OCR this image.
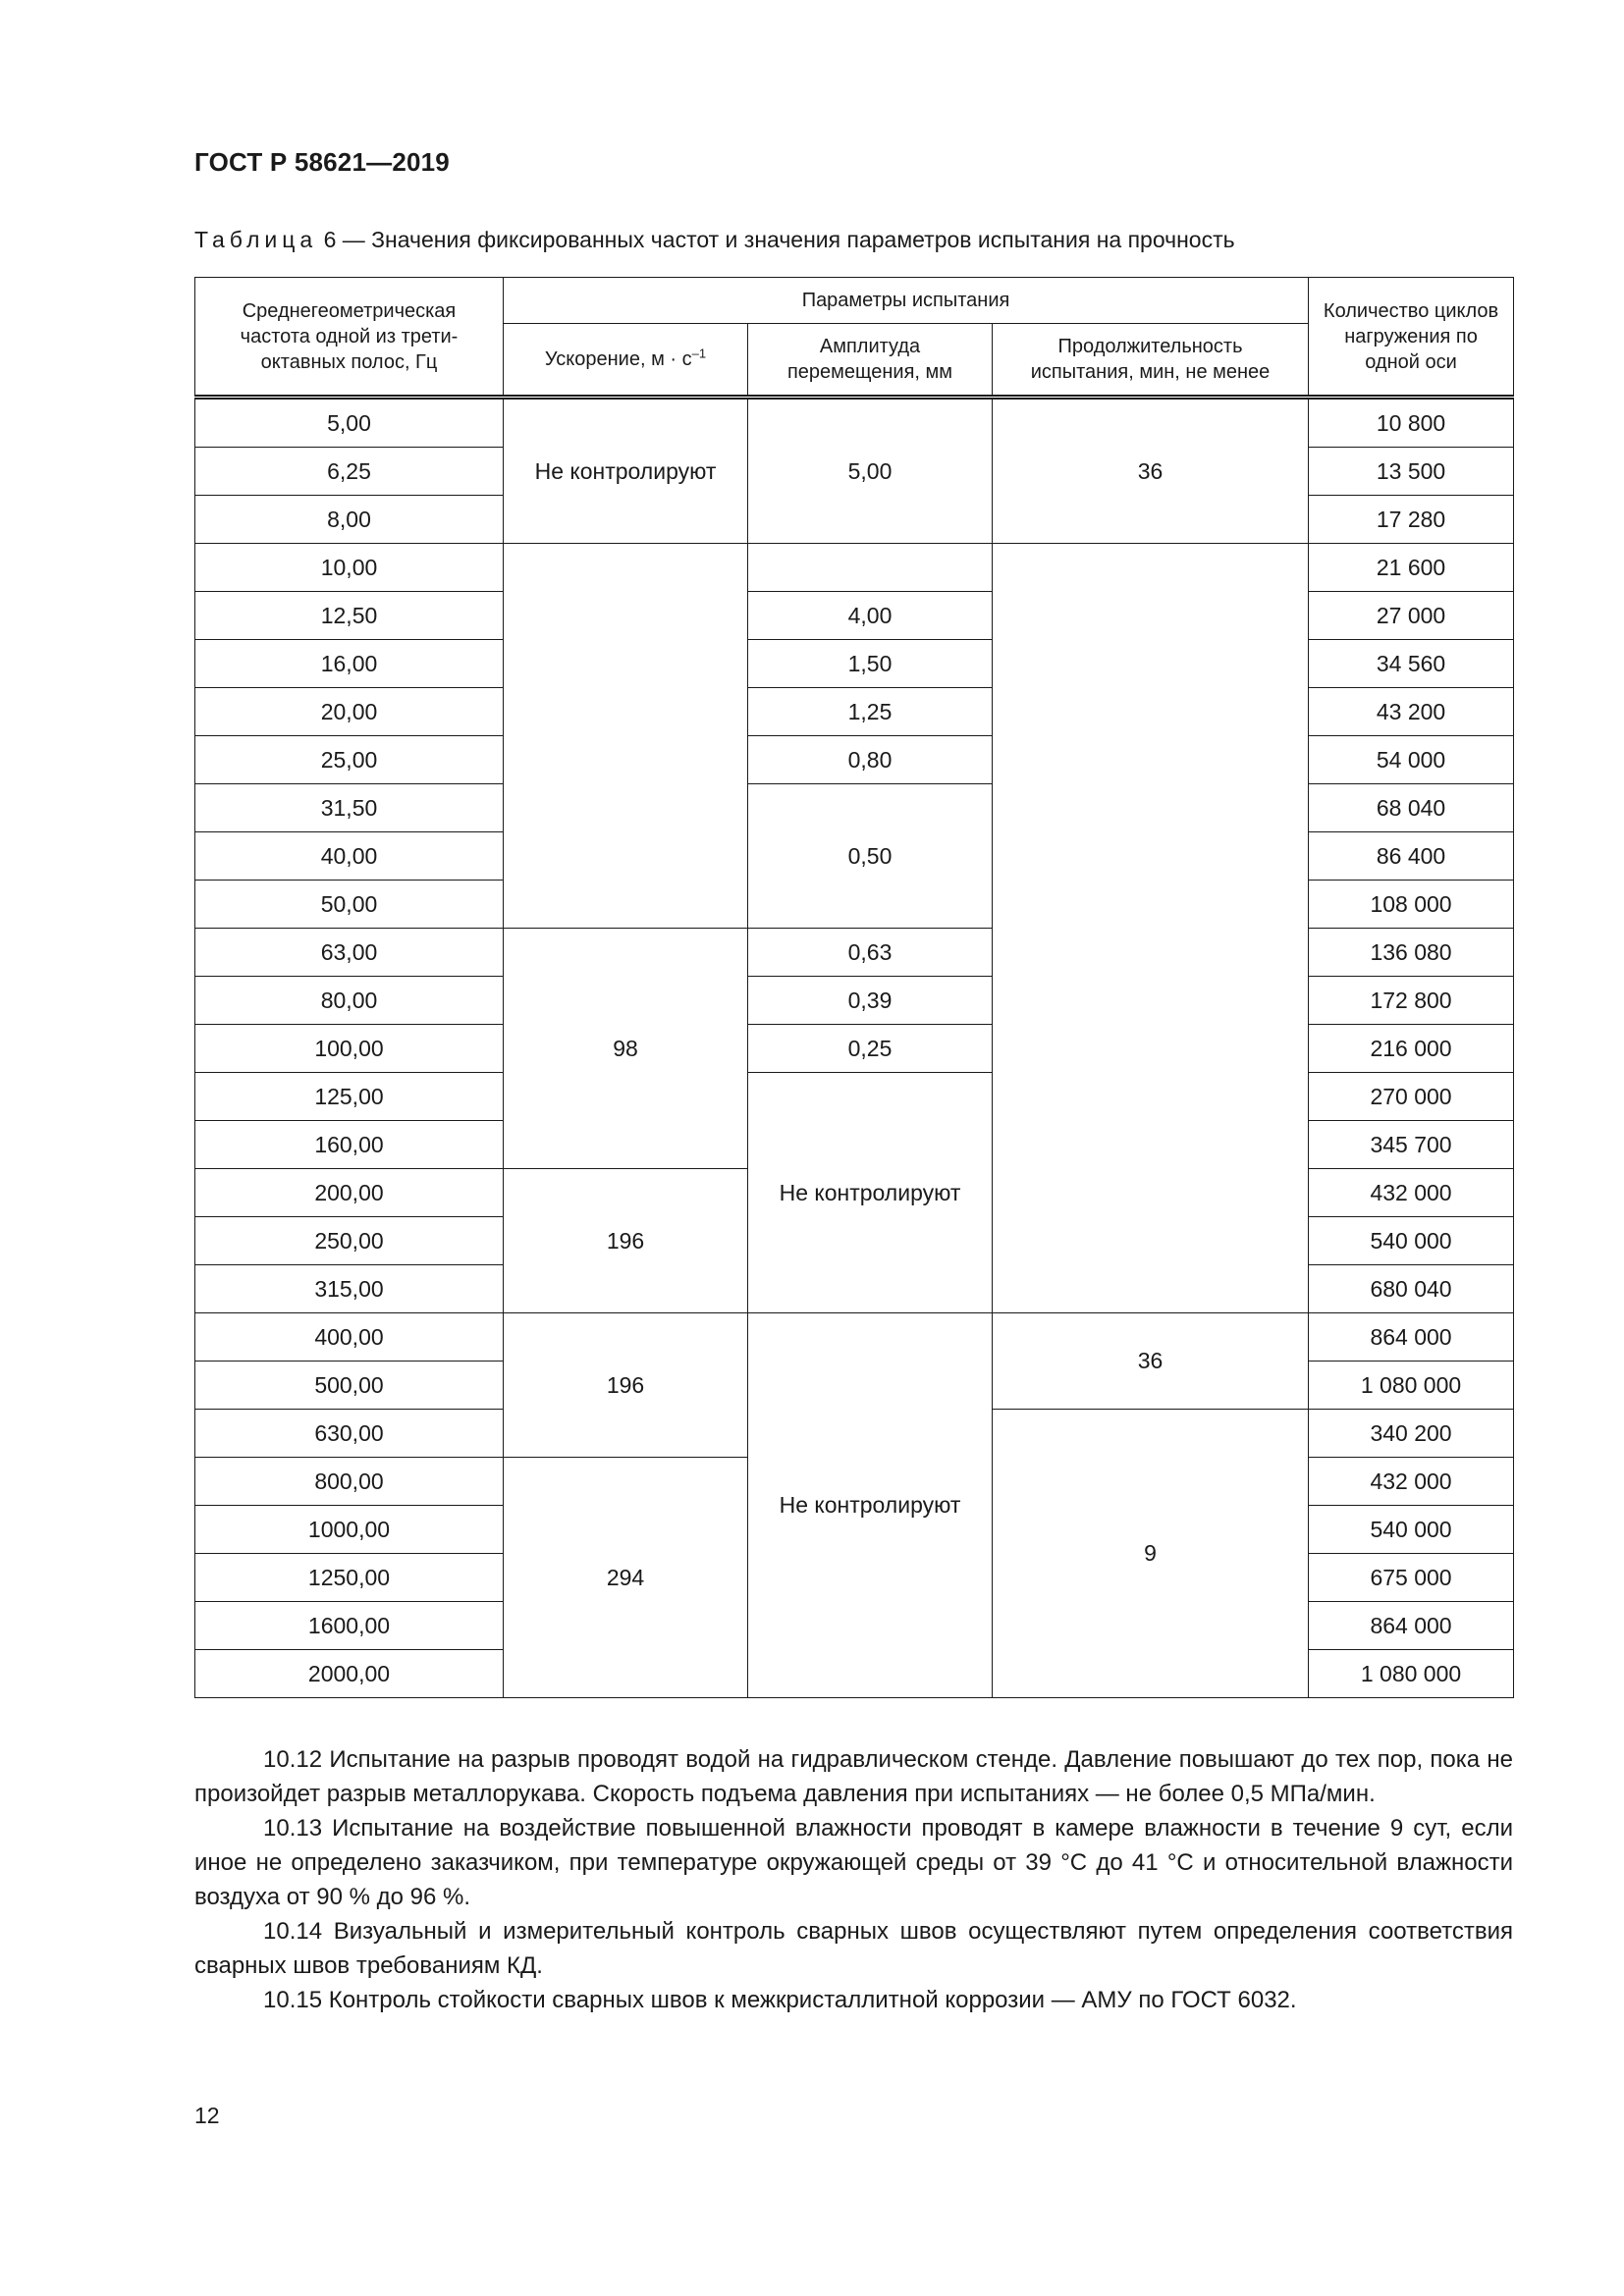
ГОСТ Р 58621—2019
Таблица 6 — Значения фиксированных частот и значения параметров испытания на прочность
Среднегеометрическая частота одной из трети-октавных полос, Гц	Параметры испытания			Количество циклов нагружения по одной оси
	Ускорение, $м \cdot с^{-1}$	Амплитуда перемещения, мм	Продолжительность испытания, мин, не менее	
5,00	Не контролируют	5,00	36	10 800
6,25				13 500
8,00				17 280
10,00				21 600
12,50		4,00		27 000
16,00		1,50		34 560
20,00		1,25		43 200
25,00		0,80		54 000
31,50		0,50		68 040
40,00				86 400
50,00				108 000
63,00	98	0,63		136 080
80,00		0,39		172 800
100,00		0,25		216 000
125,00		Не контролируют		270 000
160,00				345 700
200,00	196			432 000
250,00				540 000
315,00				680 040
400,00	196	Не контролируют	36	864 000
500,00				1 080 000
630,00			9	340 200
800,00	294			432 000
1000,00				540 000
1250,00				675 000
1600,00				864 000
2000,00				1 080 000

10.12 Испытание на разрыв проводят водой на гидравлическом стенде. Давление повышают до тех пор, пока не произойдет разрыв металлорукава. Скорость подъема давления при испытаниях — не более 0,5 МПа/мин.

10.13 Испытание на воздействие повышенной влажности проводят в камере влажности в течение 9 сут, если иное не определено заказчиком, при температуре окружающей среды от 39 °С до 41 °С и относительной влажности воздуха от 90 % до 96 %.

10.14 Визуальный и измерительный контроль сварных швов осуществляют путем определения соответствия сварных швов требованиям КД.

10.15 Контроль стойкости сварных швов к межкристаллитной коррозии — АМУ по ГОСТ 6032.

12
